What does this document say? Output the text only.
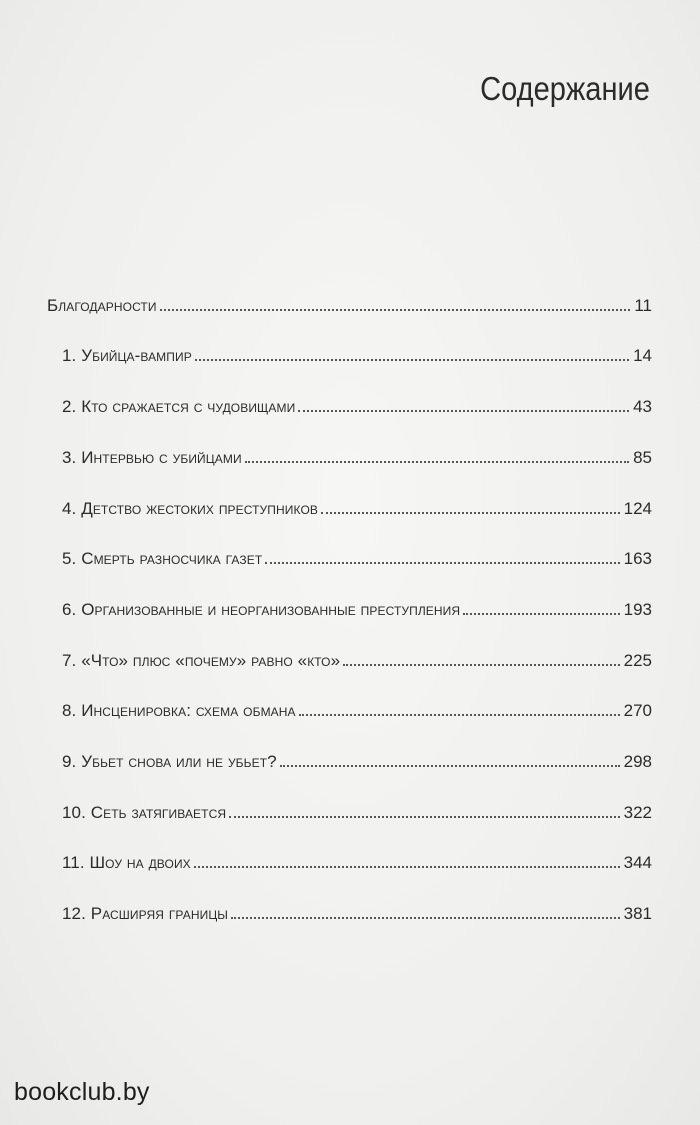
Содержание
Благодарности	11
1. Убийца-вампир	14
2. Кто сражается с чудовищами	43
3. Интервью с убийцами	85
4. Детство жестоких преступников	124
5. Смерть разносчика газет	163
6. Организованные и неорганизованные преступления	193
7. «Что» плюс «почему» равно «кто»	225
8. Инсценировка: схема обмана	270
9. Убьет снова или не убьет?	298
10. Сеть затягивается	322
11. Шоу на двоих	344
12. Расширяя границы	381
bookclub.by
